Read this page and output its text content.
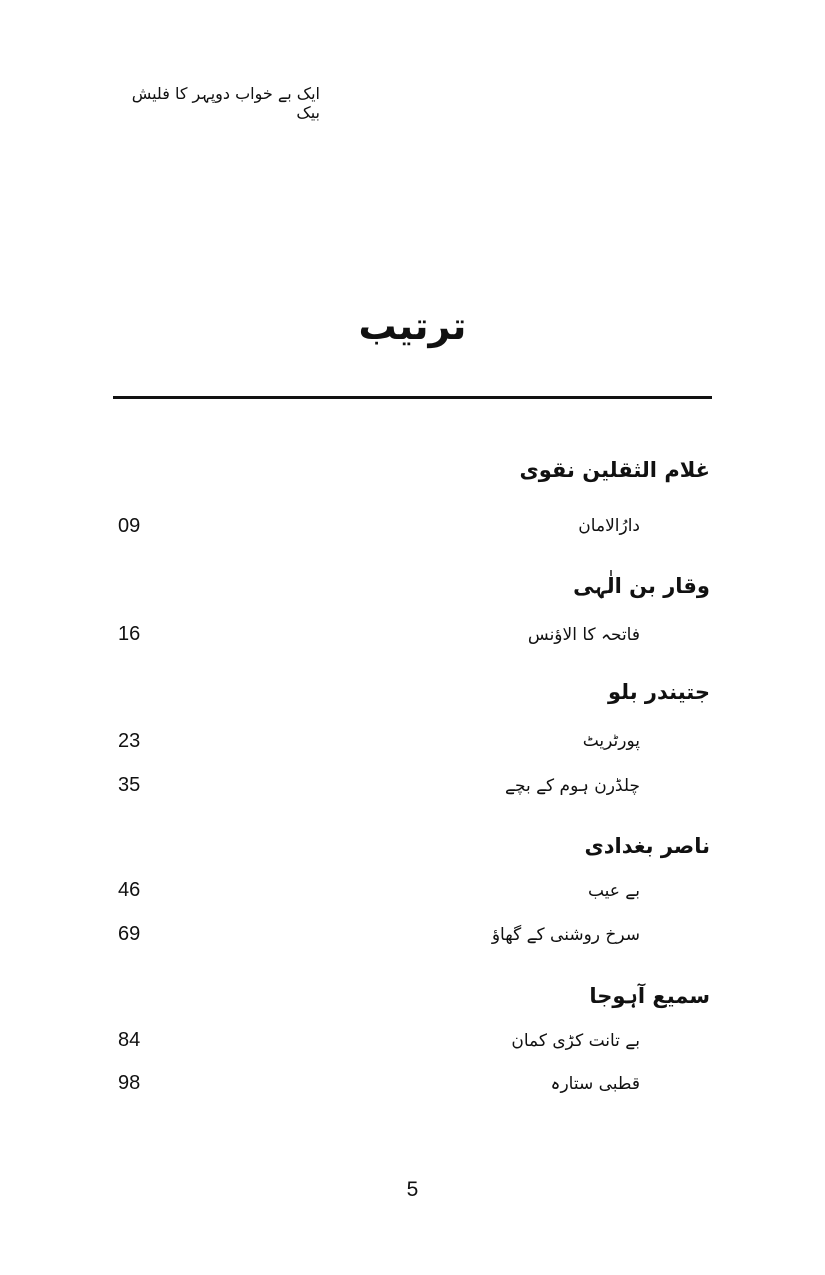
ایک بے خواب دوپہر کا فلیش بیک
ترتیب
غلام الثقلین نقوی
دارُالامان
09
وقار بن الٰہی
فاتحہ کا الاؤنس
16
جتیندر بلو
پورٹریٹ
23
چلڈرن ہوم کے بچے
35
ناصر بغدادی
بے عیب
46
سرخ روشنی کے گھاؤ
69
سمیع آہوجا
بے تانت کڑی کمان
84
قطبی ستارہ
98
5
